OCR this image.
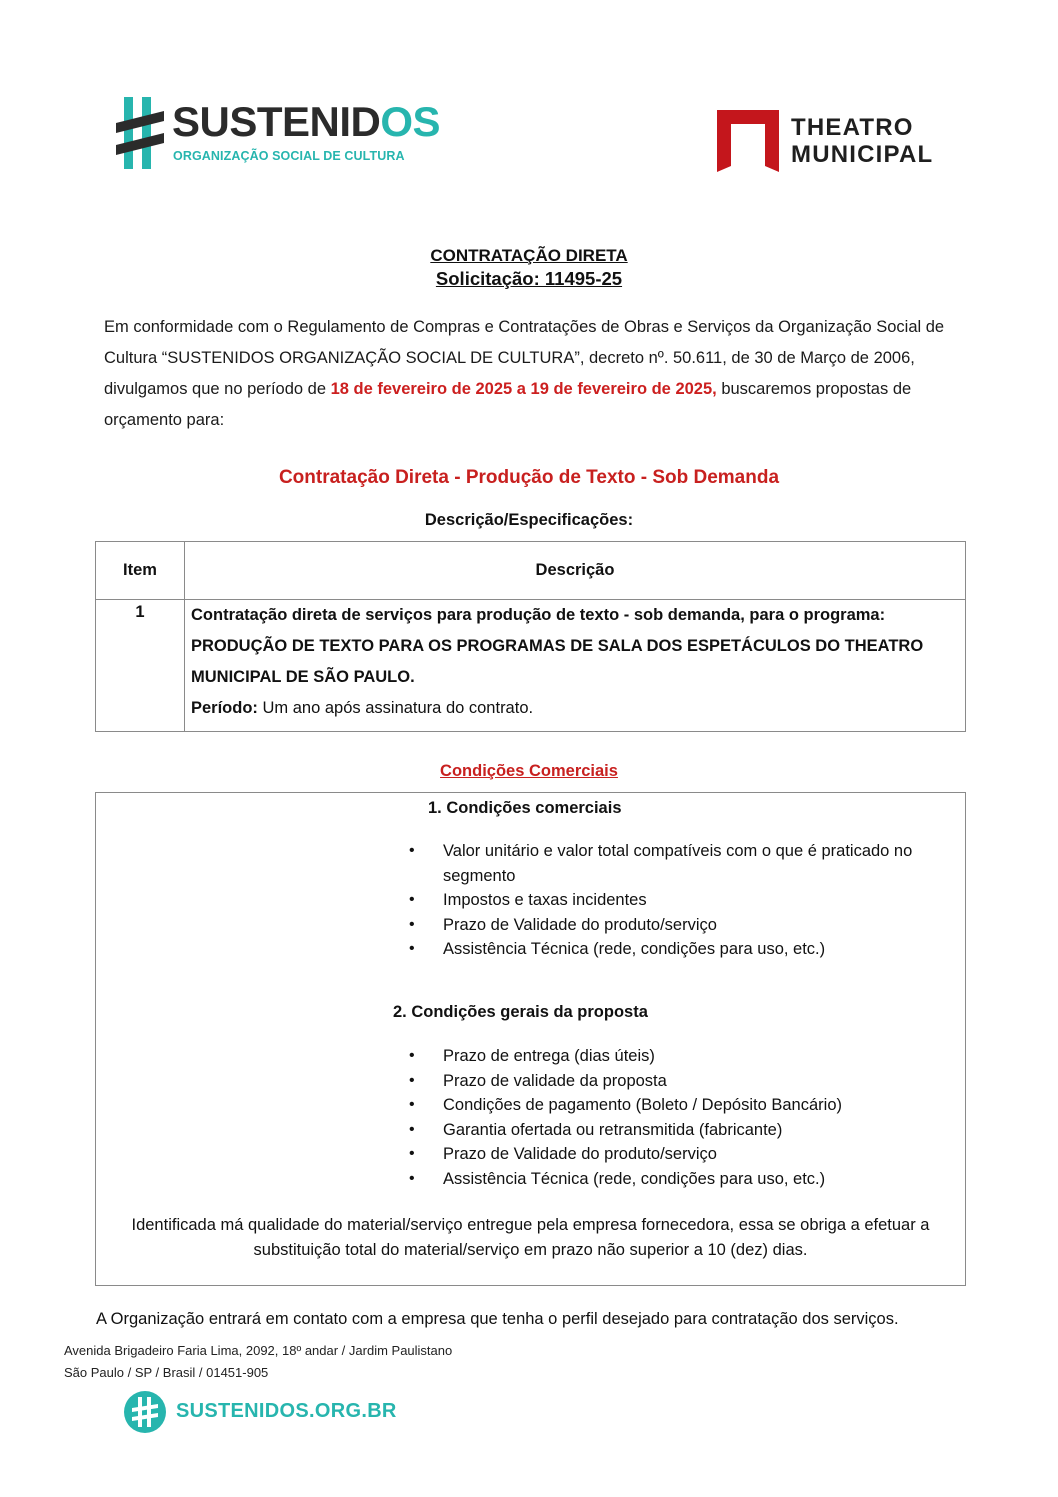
SUSTENIDOS
ORGANIZAÇÃO SOCIAL DE CULTURA
THEATRO
MUNICIPAL
CONTRATAÇÃO DIRETA
Solicitação: 11495-25
Em conformidade com o Regulamento de Compras e Contratações de Obras e Serviços da Organização Social de Cultura “SUSTENIDOS ORGANIZAÇÃO SOCIAL DE CULTURA”, decreto nº. 50.611, de 30 de Março de 2006, divulgamos que no período de 18 de fevereiro de 2025 a 19 de fevereiro de 2025, buscaremos propostas de orçamento para:
Contratação Direta - Produção de Texto - Sob Demanda
Descrição/Especificações:
Item	Descrição
1	Contratação direta de serviços para produção de texto - sob demanda, para o programa: PRODUÇÃO DE TEXTO PARA OS PROGRAMAS DE SALA DOS ESPETÁCULOS DO THEATRO MUNICIPAL DE SÃO PAULO.
Período: Um ano após assinatura do contrato.
Condições Comerciais
1. Condições comerciais
• Valor unitário e valor total compatíveis com o que é praticado no segmento
• Impostos e taxas incidentes
• Prazo de Validade do produto/serviço
• Assistência Técnica (rede, condições para uso, etc.)
2. Condições gerais da proposta
• Prazo de entrega (dias úteis)
• Prazo de validade da proposta
• Condições de pagamento (Boleto / Depósito Bancário)
• Garantia ofertada ou retransmitida (fabricante)
• Prazo de Validade do produto/serviço
• Assistência Técnica (rede, condições para uso, etc.)
Identificada má qualidade do material/serviço entregue pela empresa fornecedora, essa se obriga a efetuar a substituição total do material/serviço em prazo não superior a 10 (dez) dias.
A Organização entrará em contato com a empresa que tenha o perfil desejado para contratação dos serviços.
Avenida Brigadeiro Faria Lima, 2092, 18º andar / Jardim Paulistano
São Paulo / SP / Brasil / 01451-905
SUSTENIDOS.ORG.BR
